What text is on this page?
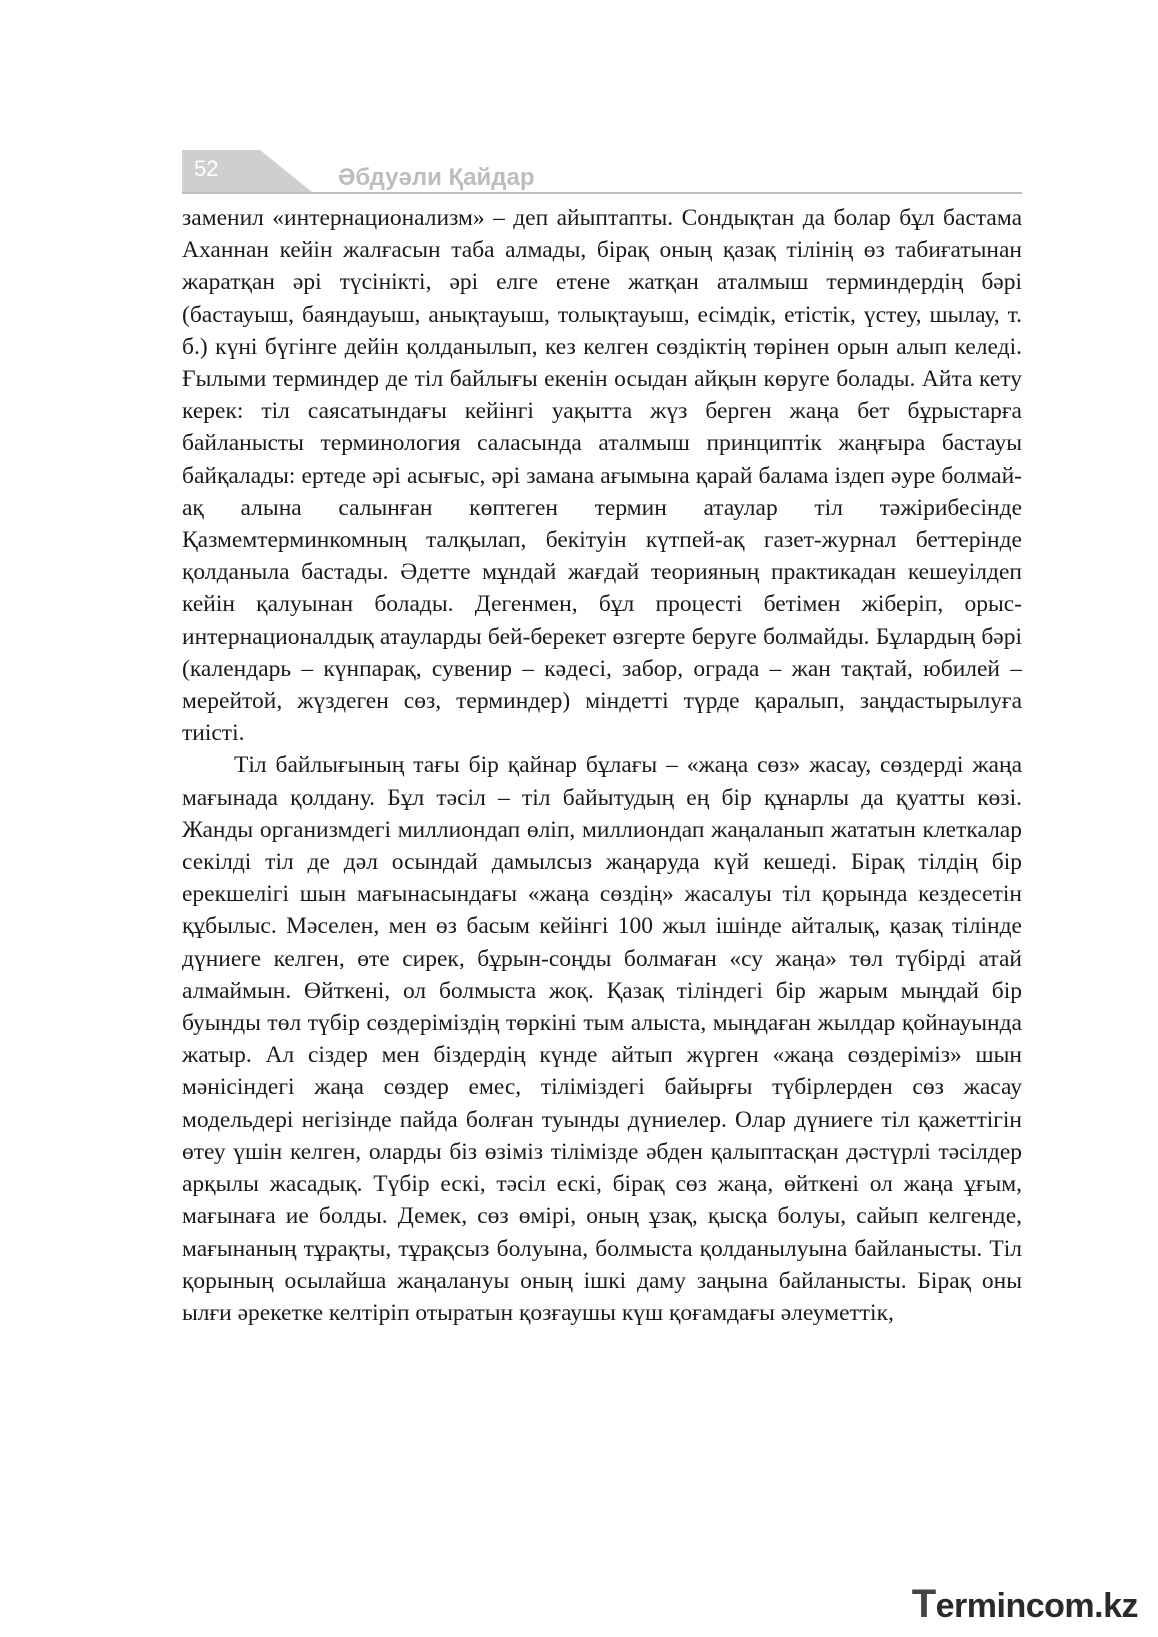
52	Әбдуәли Қайдар

заменил «интернационализм» – деп айыптапты. Сондықтан да болар бұл бастама Аханнан кейін жалғасын таба алмады, бірақ оның қазақ тілінің өз табиғатынан жаратқан әрі түсінікті, әрі елге етене жатқан аталмыш терминдердің бәрі (бастауыш, баяндауыш, анықтауыш, толықтауыш, есімдік, етістік, үстеу, шылау, т. б.) күні бүгінге дейін қолданылып, кез келген сөздіктің төрінен орын алып келеді. Ғылыми терминдер де тіл байлығы екенін осыдан айқын көруге болады. Айта кету керек: тіл саясатындағы кейінгі уақытта жүз берген жаңа бет бұрыстарға байланысты терминология саласында аталмыш принциптік жаңғыра бастауы байқалады: ертеде әрі асығыс, әрі замана ағымына қарай балама іздеп әуре болмай-ақ алына салынған көптеген термин атаулар тіл тәжірибесінде Қазмемтерминкомның талқылап, бекітуін күтпей-ақ газет-журнал беттерінде қолданыла бастады. Әдетте мұндай жағдай теорияның практикадан кешеуілдеп кейін қалуынан болады. Дегенмен, бұл процесті бетімен жіберіп, орыс-интернационалдық атауларды бей-берекет өзгерте беруге болмайды. Бұлардың бәрі (календарь – күнпарақ, сувенир – кәдесі, забор, ограда – жан тақтай, юбилей –мерейтой, жүздеген сөз, терминдер) міндетті түрде қаралып, заңдастырылуға тиісті.

Тіл байлығының тағы бір қайнар бұлағы – «жаңа сөз» жасау, сөздерді жаңа мағынада қолдану. Бұл тәсіл – тіл байытудың ең бір құнарлы да қуатты көзі. Жанды организмдегі миллиондап өліп, миллиондап жаңаланып жататын клеткалар секілді тіл де дәл осындай дамылсыз жаңаруда күй кешеді. Бірақ тілдің бір ерекшелігі шын мағынасындағы «жаңа сөздің» жасалуы тіл қорында кездесетін құбылыс. Мәселен, мен өз басым кейінгі 100 жыл ішінде айталық, қазақ тілінде дүниеге келген, өте сирек, бұрын-соңды болмаған «су жаңа» төл түбірді атай алмаймын. Өйткені, ол болмыста жоқ. Қазақ тіліндегі бір жарым мыңдай бір буынды төл түбір сөздеріміздің төркіні тым алыста, мыңдаған жылдар қойнауында жатыр. Ал сіздер мен біздердің күнде айтып жүрген «жаңа сөздеріміз» шын мәнісіндегі жаңа сөздер емес, тіліміздегі байырғы түбірлерден сөз жасау модельдері негізінде пайда болған туынды дүниелер. Олар дүниеге тіл қажеттігін өтеу үшін келген, оларды біз өзіміз тілімізде әбден қалыптасқан дәстүрлі тәсілдер арқылы жасадық. Түбір ескі, тәсіл ескі, бірақ сөз жаңа, өйткені ол жаңа ұғым, мағынаға ие болды. Демек, сөз өмірі, оның ұзақ, қысқа болуы, сайып келгенде, мағынаның тұрақты, тұрақсыз болуына, болмыста қолданылуына байланысты. Тіл қорының осылайша жаңалануы оның ішкі даму заңына байланысты. Бірақ оны ылғи әрекетке келтіріп отыратын қозғаушы күш қоғамдағы әлеуметтік,

Termincom.kz
